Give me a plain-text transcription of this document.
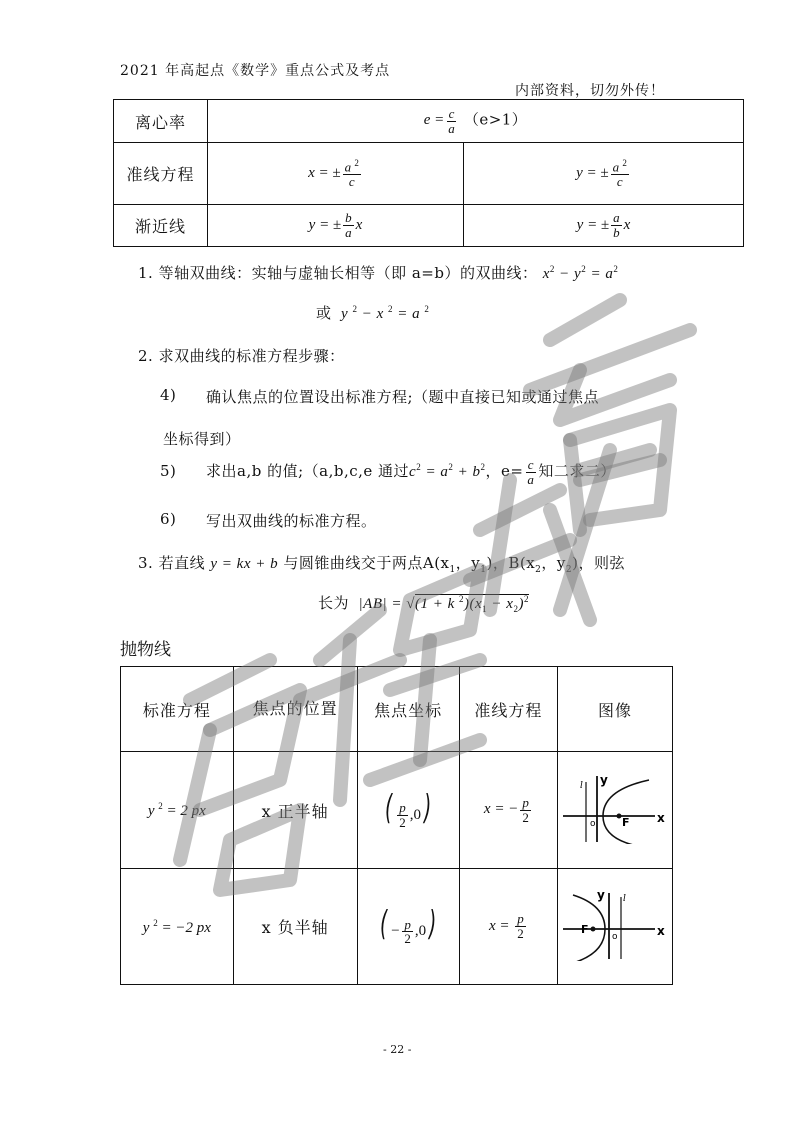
2021 年高起点《数学》重点公式及考点
内部资料，切勿外传！
离心率	$e = \frac{c}{a} (e>1)$	
准线方程	x = ± $\frac{a ^2}{c}$	y = ± $\frac{a ^2}{c}$

渐近线	y = ± $\frac{b}{a}$ x	y = ± $\frac{a}{b}$ x
1. 等轴双曲线：实轴与虚轴长相等（即 a=b）的双曲线： $x^2 - y^2 = a^2$
或  y $^2$ − x $^2$ = a $^2$
2. 求双曲线的标准方程步骤：
4) 确认焦点的位置设出标准方程;（题中直接已知或通过焦点
坐标得到）
5) 求出a,b 的值;（a,b,c,e 通过$c^2 = a^2 + b^2$，$e= \frac{c}{a}$ 知二求二）
6) 写出双曲线的标准方程。
3. 若直线 y = kx + b 与圆锥曲线交于两点$A(x_1$，$y_1$)，$B(x_2$，$y_2$)，则弦
长为  |AB| = √(1 + k $^2)(x_1 - x_2)^2$
抛物线
标准方程	焦点的位置	焦点坐标	准线方程	图像
y $^2$ = 2 px	x 正半轴	( $\frac{p}{2} ,0$)	x = − $\frac{p}{2}$	y
x
o F
l

y $^2$ = −2 px	x 负半轴	( − $\frac{p}{2} ,0$)	$x = \frac{p}{2}$	y
x
o
F
l
- 22 -
